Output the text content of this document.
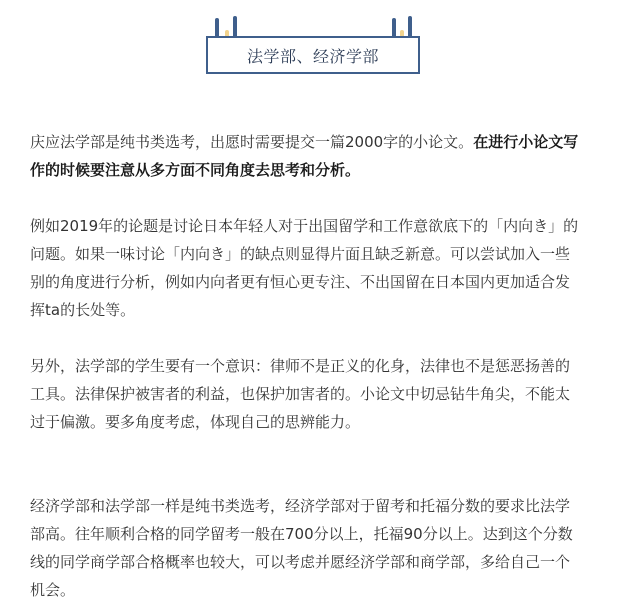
法学部、经济学部
庆应法学部是纯书类选考，出愿时需要提交一篇2000字的小论文。在进行小论文写
作的时候要注意从多方面不同角度去思考和分析。
例如2019年的论题是讨论日本年轻人对于出国留学和工作意欲底下的「内向き」的
问题。如果一味讨论「内向き」的缺点则显得片面且缺乏新意。可以尝试加入一些
别的角度进行分析，例如内向者更有恒心更专注、不出国留在日本国内更加适合发
挥ta的长处等。
另外，法学部的学生要有一个意识：律师不是正义的化身，法律也不是惩恶扬善的
工具。法律保护被害者的利益，也保护加害者的。小论文中切忌钻牛角尖，不能太
过于偏激。要多角度考虑，体现自己的思辨能力。
经济学部和法学部一样是纯书类选考，经济学部对于留考和托福分数的要求比法学
部高。往年顺利合格的同学留考一般在700分以上，托福90分以上。达到这个分数
线的同学商学部合格概率也较大，可以考虑并愿经济学部和商学部，多给自己一个
机会。
